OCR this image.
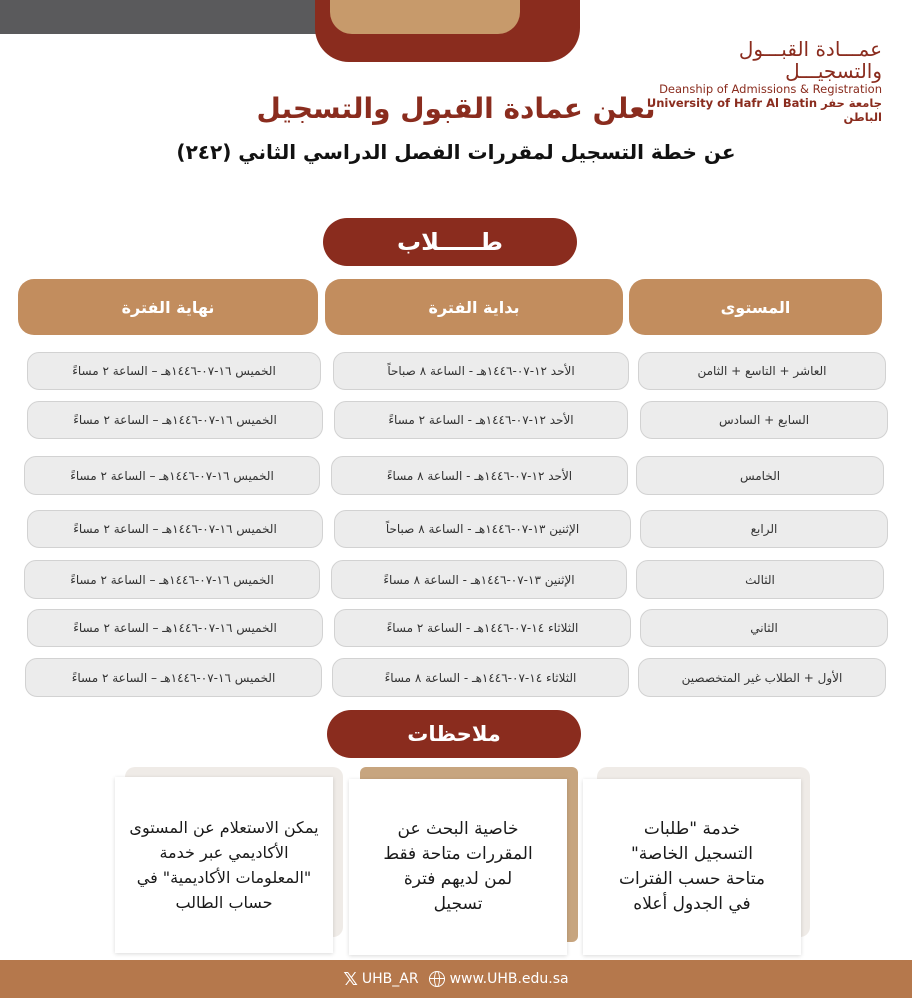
عمـــادة القبـــول والتسجيـــل
Deanship of Admissions & Registration
University of Hafr Al Batin جامعة حفر الباطن
تعلن عمادة القبول والتسجيل
عن خطة التسجيل لمقررات الفصل الدراسي الثاني (٢٤٢)
طـــــلاب
نهاية الفترة	بداية الفترة	المستوى
الخميس ١٦-٠٧-١٤٤٦هـ – الساعة ٢ مساءً	الأحد ١٢-٠٧-١٤٤٦هـ - الساعة ٨ صباحاً	العاشر + التاسع + الثامن
الخميس ١٦-٠٧-١٤٤٦هـ – الساعة ٢ مساءً	الأحد ١٢-٠٧-١٤٤٦هـ - الساعة ٢ مساءً	السابع + السادس
الخميس ١٦-٠٧-١٤٤٦هـ – الساعة ٢ مساءً	الأحد ١٢-٠٧-١٤٤٦هـ - الساعة ٨ مساءً	الخامس
الخميس ١٦-٠٧-١٤٤٦هـ – الساعة ٢ مساءً	الإثنين ١٣-٠٧-١٤٤٦هـ - الساعة ٨ صباحاً	الرابع
الخميس ١٦-٠٧-١٤٤٦هـ – الساعة ٢ مساءً	الإثنين ١٣-٠٧-١٤٤٦هـ - الساعة ٨ مساءً	الثالث
الخميس ١٦-٠٧-١٤٤٦هـ – الساعة ٢ مساءً	الثلاثاء ١٤-٠٧-١٤٤٦هـ - الساعة ٢ مساءً	الثاني
الخميس ١٦-٠٧-١٤٤٦هـ – الساعة ٢ مساءً	الثلاثاء ١٤-٠٧-١٤٤٦هـ - الساعة ٨ مساءً	الأول + الطلاب غير المتخصصين
ملاحظات
يمكن الاستعلام عن المستوى الأكاديمي عبر خدمة "المعلومات الأكاديمية" في حساب الطالب
خاصية البحث عن المقررات متاحة فقط لمن لديهم فترة تسجيل
خدمة "طلبات التسجيل الخاصة" متاحة حسب الفترات في الجدول أعلاه
𝕏 UHB_AR www.UHB.edu.sa
